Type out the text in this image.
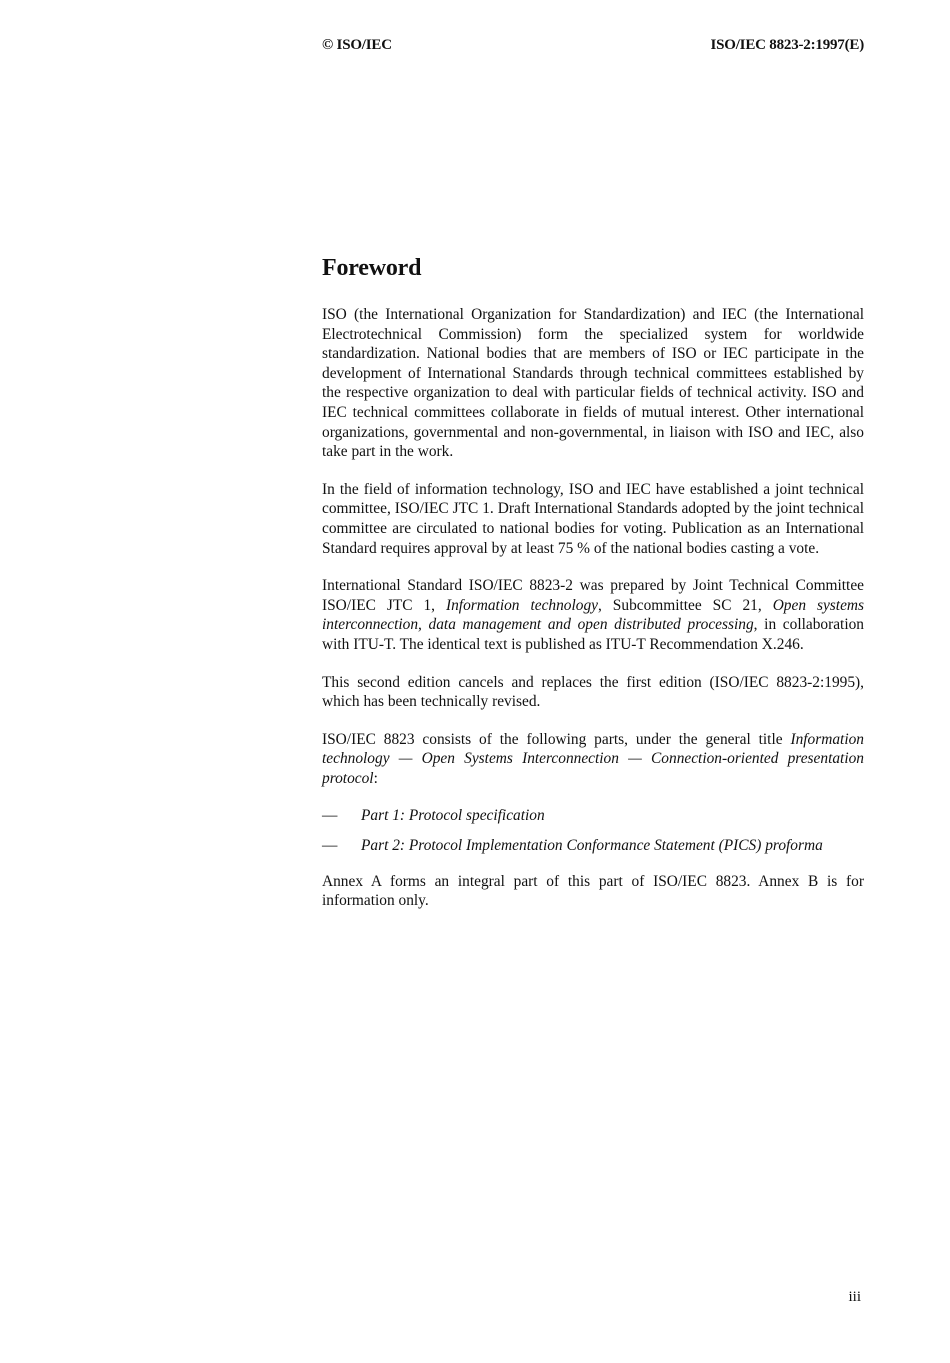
© ISO/IEC	ISO/IEC 8823-2:1997(E)
Foreword

ISO (the International Organization for Standardization) and IEC (the International Electrotechnical Commission) form the specialized system for worldwide standardization. National bodies that are members of ISO or IEC participate in the development of International Standards through technical committees established by the respective organization to deal with particular fields of technical activity. ISO and IEC technical committees collaborate in fields of mutual interest. Other international organizations, governmental and non-governmental, in liaison with ISO and IEC, also take part in the work.

In the field of information technology, ISO and IEC have established a joint technical committee, ISO/IEC JTC 1. Draft International Standards adopted by the joint technical committee are circulated to national bodies for voting. Publication as an International Standard requires approval by at least 75 % of the national bodies casting a vote.

International Standard ISO/IEC 8823-2 was prepared by Joint Technical Committee ISO/IEC JTC 1, Information technology, Subcommittee SC 21, Open systems interconnection, data management and open distributed processing, in collaboration with ITU-T. The identical text is published as ITU-T Recommendation X.246.

This second edition cancels and replaces the first edition (ISO/IEC 8823-2:1995), which has been technically revised.

ISO/IEC 8823 consists of the following parts, under the general title Information technology — Open Systems Interconnection — Connection-oriented presentation protocol:

— Part 1: Protocol specification
— Part 2: Protocol Implementation Conformance Statement (PICS) proforma

Annex A forms an integral part of this part of ISO/IEC 8823. Annex B is for information only.

iii
